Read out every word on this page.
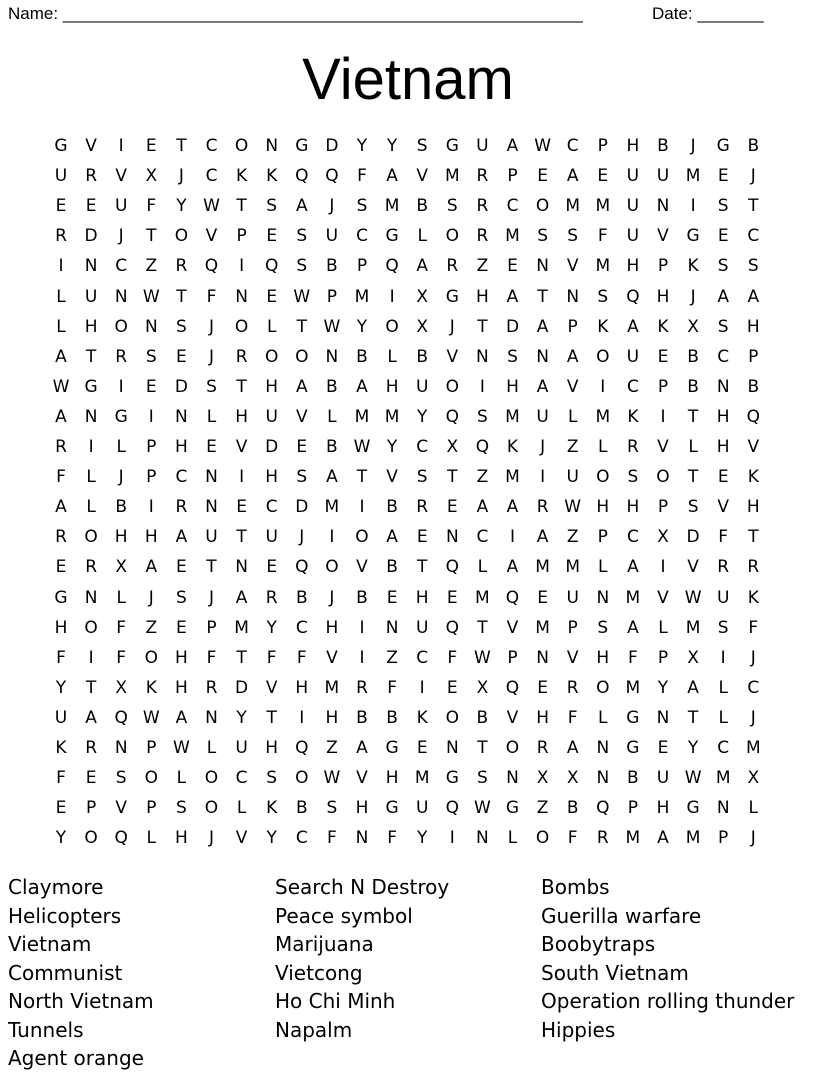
Name: _______________________________________________________	Date: _______
Vietnam
G	V	I	E	T	C	O	N	G D	Y	Y	S	G	U	A W C	P	H	B	J	G	B
U	R	V	X	J	C	K	K	Q Q	F	A	V M R	P	E	A	E	U	U M	E	J
E	E	U	F	Y W T	S	A	J	S	M B	S	R	C	O M M U	N	I	S	T
R	D	J	T	O	V	P	E	S	U	C	G	L	O	R M	S	S	F	U	V	G	E	C
I	N	C	Z	R	Q	I	Q	S	B	P	Q	A	R	Z	E	N	V M H	P	K	S	S
L	U	N W T	F	N	E W P	M	I	X	G	H	A	T	N	S	Q	H	J	A	A
L	H	O	N	S	J	O	L	T W Y	O	X	J	T	D	A	P	K	A	K	X	S	H
A	T	R	S	E	J	R	O O	N	B	L	B	V	N	S	N	A	O	U	E	B	C	P
W G	I	E	D	S	T	H	A	B	A	H	U	O	I	H	A	V	I	C	P	B	N	B
A	N	G	I	N	L	H	U	V	L	M M	Y	Q	S	M U	L	M	K	I	T	H	Q
R	I	L	P	H	E	V	D	E	B W Y	C	X	Q	K	J	Z	L	R	V	L	H	V
F	L	J	P	C	N	I	H	S	A	T	V	S	T	Z M	I	U	O	S	O	T	E	K
A	L	B	I	R	N	E	C	D M	I	B	R	E	A	A	R W H	H	P	S	V	H
R	O	H	H	A	U	T	U	J	I	O	A	E	N	C	I	A	Z	P	C	X	D	F	T
E	R	X	A	E	T	N	E	Q O	V	B	T	Q	L	A M M	L	A	I	V	R	R
G	N	L	J	S	J	A	R	B	J	B	E	H	E	M Q	E	U	N M V W U	K
H	O	F	Z	E	P	M	Y	C	H	I	N	U	Q	T	V M	P	S	A	L	M	S	F
F	I	F	O	H	F	T	F	F	V	I	Z	C	F W P	N	V	H	F	P	X	I	J
Y	T	X	K	H	R	D	V	H M R	F	I	E	X	Q	E	R	O M	Y	A	L	C
U	A	Q W A	N	Y	T	I	H	B	B	K	O	B	V	H	F	L	G	N	T	L	J
K	R	N	P W L	U	H	Q	Z	A	G	E	N	T	O	R	A	N	G	E	Y	C M
F	E	S	O	L	O	C	S	O W V	H M G	S	N	X	X	N	B	U W M X
E	P	V	P	S	O	L	K	B	S	H	G	U	Q W G	Z	B	Q	P	H	G	N	L
Y	O Q	L	H	J	V	Y	C	F	N	F	Y	I	N	L	O	F	R M A M	P	J
Claymore
Helicopters
Vietnam
Communist
North Vietnam
Tunnels
Agent orange
Search N Destroy
Peace symbol
Marijuana
Vietcong
Ho Chi Minh
Napalm
Bombs
Guerilla warfare
Boobytraps
South Vietnam
Operation rolling thunder
Hippies
